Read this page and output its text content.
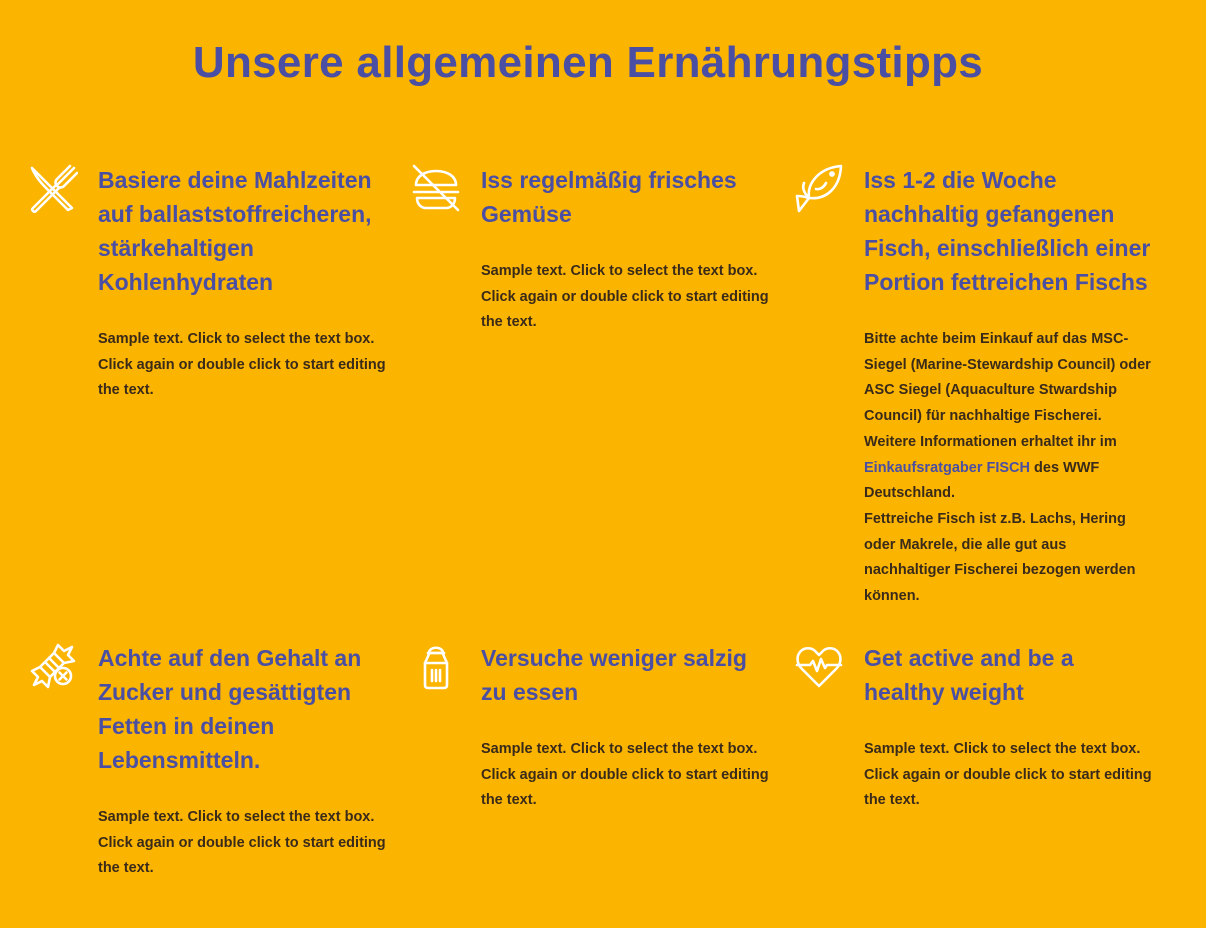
Unsere allgemeinen Ernährungstipps
Basiere deine Mahlzeiten auf ballaststoffreicheren, stärkehaltigen Kohlenhydraten

Sample text. Click to select the text box. Click again or double click to start editing the text.

Iss regelmäßig frisches Gemüse

Sample text. Click to select the text box. Click again or double click to start editing the text.

Iss 1-2 die Woche nachhaltig gefangenen Fisch, einschließlich einer Portion fettreichen Fischs

Bitte achte beim Einkauf auf das MSC-Siegel (Marine-Stewardship Council) oder ASC Siegel (Aquaculture Stwardship Council) für nachhaltige Fischerei. Weitere Informationen erhaltet ihr im Einkaufsratgaber FISCH des WWF Deutschland.
Fettreiche Fisch ist z.B. Lachs, Hering oder Makrele, die alle gut aus nachhaltiger Fischerei bezogen werden können.

Achte auf den Gehalt an Zucker und gesättigten Fetten in deinen Lebensmitteln.

Sample text. Click to select the text box. Click again or double click to start editing the text.

Versuche weniger salzig zu essen

Sample text. Click to select the text box. Click again or double click to start editing the text.

Get active and be a healthy weight

Sample text. Click to select the text box. Click again or double click to start editing the text.
